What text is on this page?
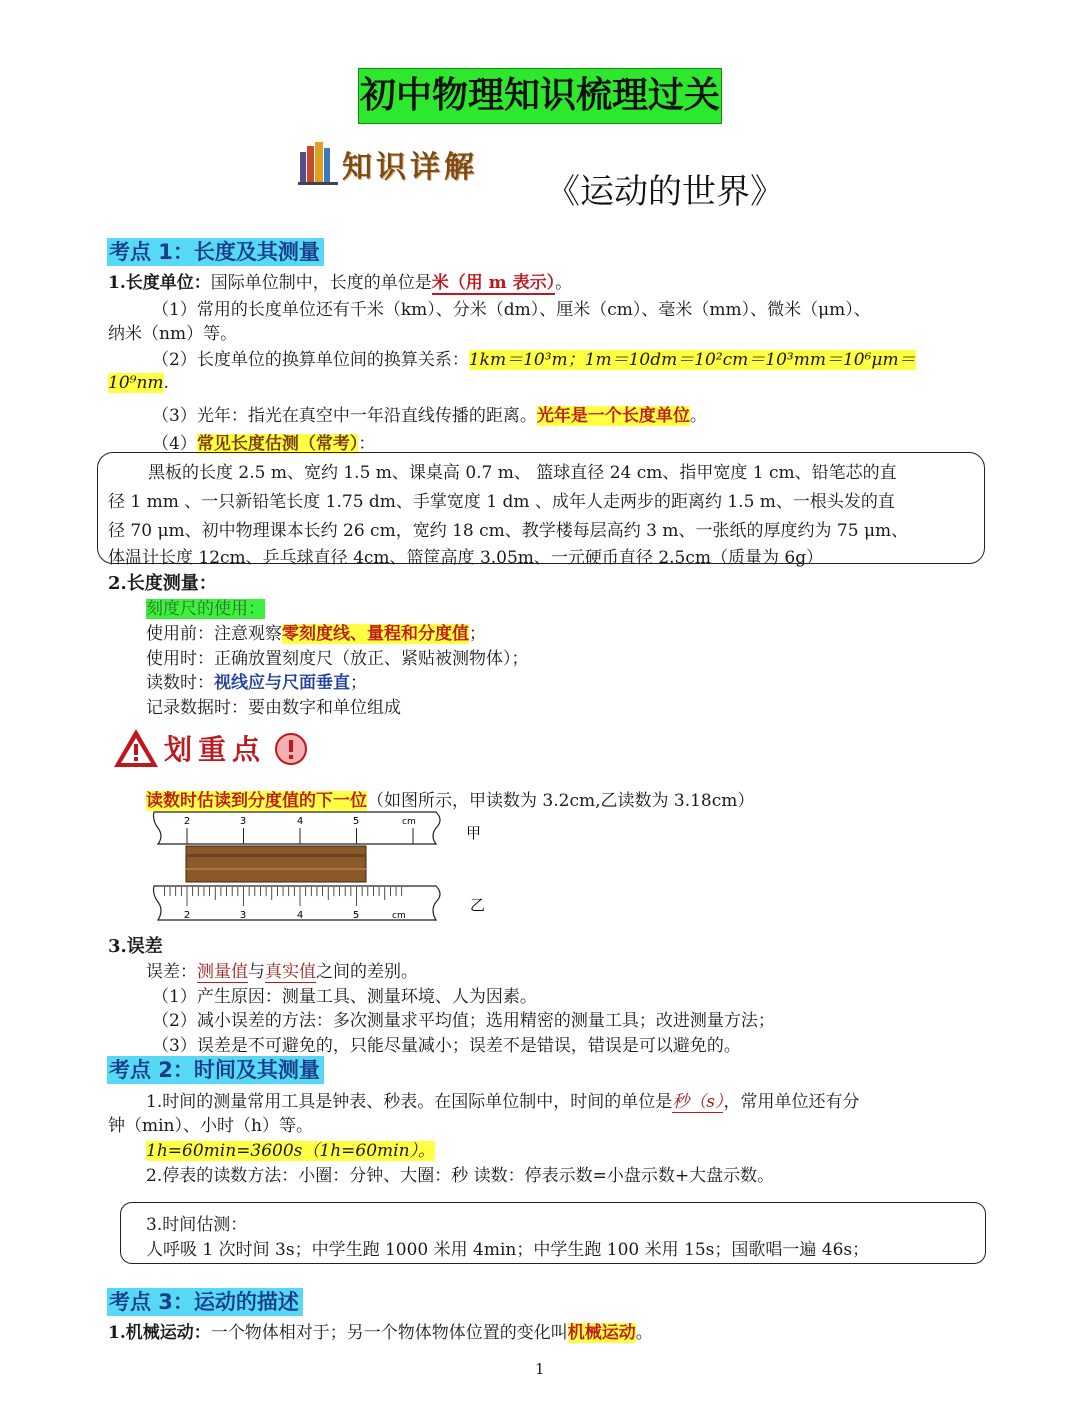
初中物理知识梳理过关
知识详解
《运动的世界》
考点 1：长度及其测量
1.长度单位：国际单位制中，长度的单位是米（用 m 表示）。
（1）常用的长度单位还有千米（km）、分米（dm）、厘米（cm）、毫米（mm）、微米（μm）、
纳米（nm）等。
（2）长度单位的换算单位间的换算关系：1km＝10³m；1m＝10dm＝10²cm＝10³mm＝10⁶μm＝
10⁹nm.
（3）光年：指光在真空中一年沿直线传播的距离。光年是一个长度单位。
（4）常见长度估测（常考）：
黑板的长度 2.5 m、宽约 1.5 m、课桌高 0.7 m、 篮球直径 24 cm、指甲宽度 1 cm、铅笔芯的直
径 1 mm 、一只新铅笔长度 1.75 dm、手掌宽度 1 dm 、成年人走两步的距离约 1.5 m、一根头发的直
径 70 μm、初中物理课本长约 26 cm，宽约 18 cm、教学楼每层高约 3 m、一张纸的厚度约为 75 μm、
体温计长度 12cm、乒乓球直径 4cm、篮筐高度 3.05m、一元硬币直径 2.5cm（质量为 6g）
2.长度测量：
刻度尺的使用：
使用前：注意观察零刻度线、量程和分度值；
使用时：正确放置刻度尺（放正、紧贴被测物体）；
读数时：视线应与尺面垂直；
记录数据时：要由数字和单位组成
划重点
读数时估读到分度值的下一位（如图所示，甲读数为 3.2cm,乙读数为 3.18cm）
2	3	4	5	cm
2	3	4	5	cm
甲
乙
3.误差
误差：测量值与真实值之间的差别。
（1）产生原因：测量工具、测量环境、人为因素。
（2）减小误差的方法：多次测量求平均值；选用精密的测量工具；改进测量方法；
（3）误差是不可避免的，只能尽量减小；误差不是错误，错误是可以避免的。
考点 2：时间及其测量
1.时间的测量常用工具是钟表、秒表。在国际单位制中，时间的单位是秒（s），常用单位还有分
钟（min）、小时（h）等。
1h=60min=3600s（1h=60min）。
2.停表的读数方法：小圈：分钟、大圈：秒 读数：停表示数=小盘示数+大盘示数。
3.时间估测：
人呼吸 1 次时间 3s；中学生跑 1000 米用 4min；中学生跑 100 米用 15s；国歌唱一遍 46s；
考点 3：运动的描述
1.机械运动：一个物体相对于；另一个物体物体位置的变化叫机械运动。
1
